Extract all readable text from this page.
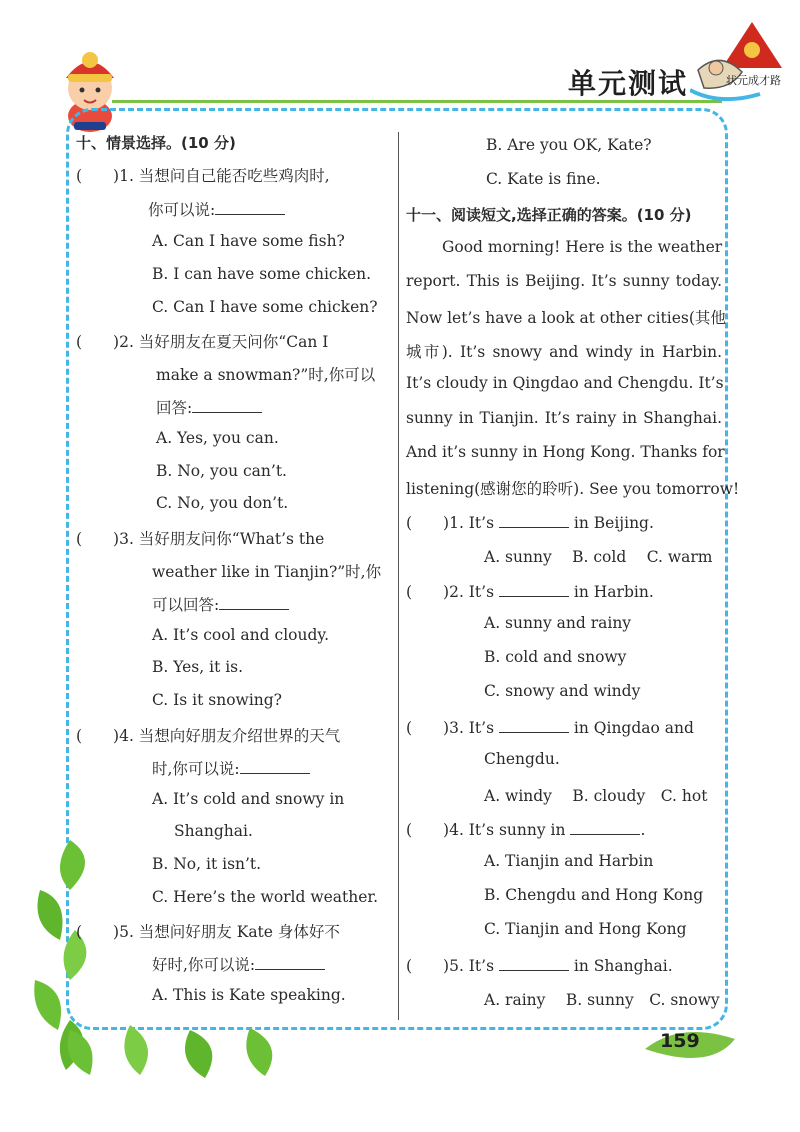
单元测试	状元成才路
159
十、情景选择。(10 分)
(　　)1. 当想问自己能否吃些鸡肉时,
你可以说:
A. Can I have some fish?
B. I can have some chicken.
C. Can I have some chicken?
(　　)2. 当好朋友在夏天问你“Can I
make a snowman?”时,你可以
回答:
A. Yes, you can.
B. No, you can’t.
C. No, you don’t.
(　　)3. 当好朋友问你“What’s the
weather like in Tianjin?”时,你
可以回答:
A. It’s cool and cloudy.
B. Yes, it is.
C. Is it snowing?
(　　)4. 当想向好朋友介绍世界的天气
时,你可以说:
A. It’s cold and snowy in
Shanghai.
B. No, it isn’t.
C. Here’s the world weather.
(　　)5. 当想问好朋友 Kate 身体好不
好时,你可以说:
A. This is Kate speaking.
B. Are you OK, Kate?
C. Kate is fine.
十一、阅读短文,选择正确的答案。(10 分)
Good morning! Here is the weather
report. This is Beijing. It’s sunny today.
Now let’s have a look at other cities(其他
城市). It’s snowy and windy in Harbin.
It’s cloudy in Qingdao and Chengdu. It’s
sunny in Tianjin. It’s rainy in Shanghai.
And it’s sunny in Hong Kong. Thanks for
listening(感谢您的聆听). See you tomorrow!
(　　)1. It’s	in Beijing.
A. sunny　 B. cold　 C. warm
(　　)2. It’s	in Harbin.
A. sunny and rainy
B. cold and snowy
C. snowy and windy
(　　)3. It’s	in Qingdao and
Chengdu.
A. windy　 B. cloudy　C. hot
(　　)4. It’s sunny in	.
A. Tianjin and Harbin
B. Chengdu and Hong Kong
C. Tianjin and Hong Kong
(　　)5. It’s	in Shanghai.
A. rainy　 B. sunny　C. snowy
